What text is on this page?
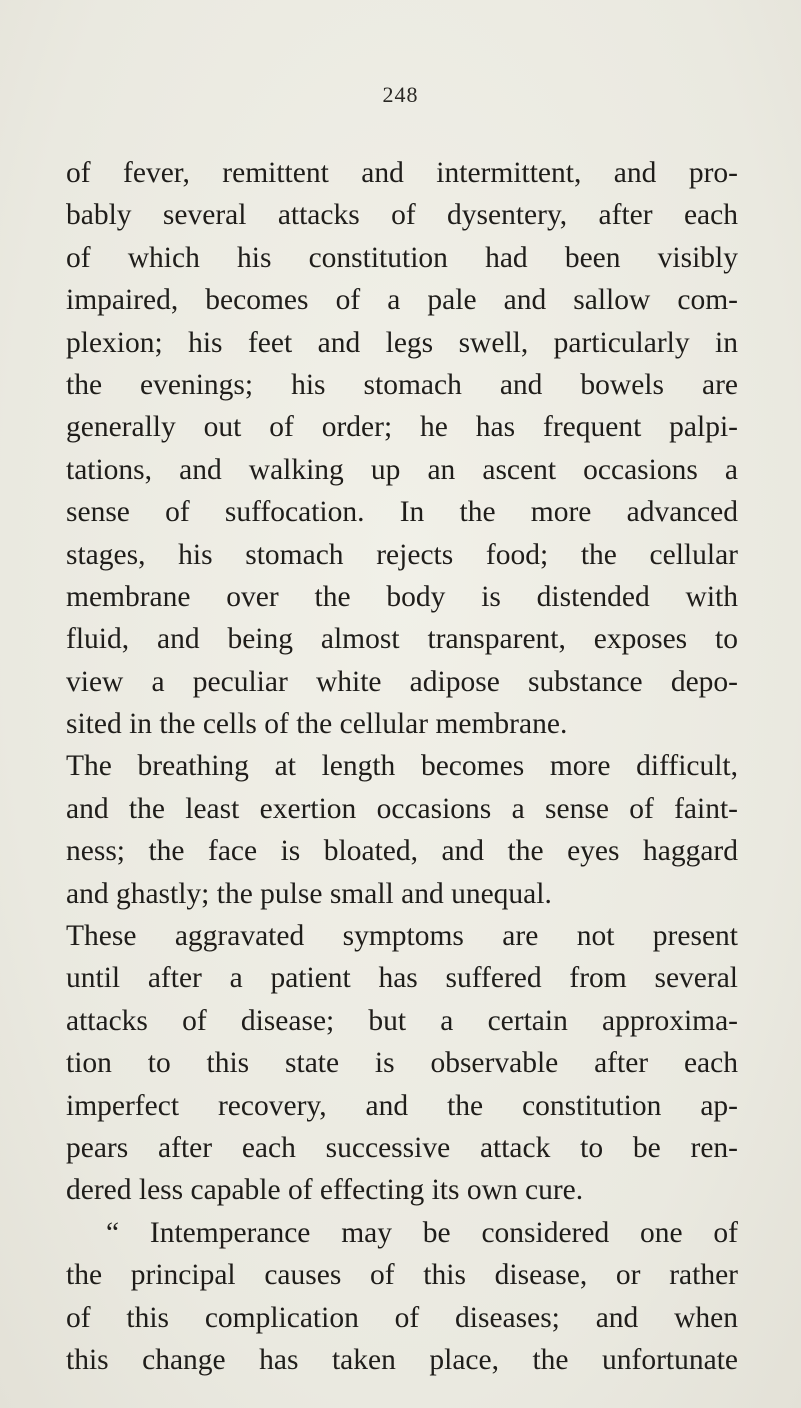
248
of fever, remittent and intermittent, and pro-
bably several attacks of dysentery, after each
of which his constitution had been visibly
impaired, becomes of a pale and sallow com-
plexion; his feet and legs swell, particularly in
the evenings; his stomach and bowels are
generally out of order; he has frequent palpi-
tations, and walking up an ascent occasions a
sense of suffocation. In the more advanced
stages, his stomach rejects food; the cellular
membrane over the body is distended with
fluid, and being almost transparent, exposes to
view a peculiar white adipose substance depo-
sited in the cells of the cellular membrane.
The breathing at length becomes more difficult,
and the least exertion occasions a sense of faint-
ness; the face is bloated, and the eyes haggard
and ghastly; the pulse small and unequal.
These aggravated symptoms are not present
until after a patient has suffered from several
attacks of disease; but a certain approxima-
tion to this state is observable after each
imperfect recovery, and the constitution ap-
pears after each successive attack to be ren-
dered less capable of effecting its own cure.
“ Intemperance may be considered one of
the principal causes of this disease, or rather
of this complication of diseases; and when
this change has taken place, the unfortunate
